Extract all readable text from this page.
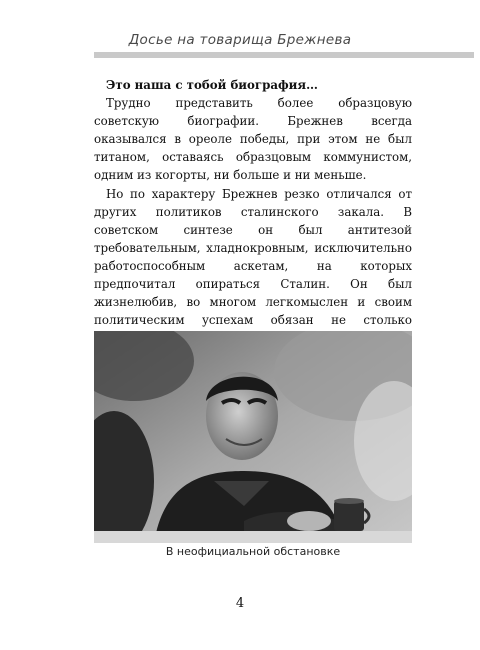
Досье на товарища Брежнева

Это наша с тобой биография…

Трудно представить более образцовую советскую биографии. Брежнев всегда оказывался в ореоле победы, при этом не был титаном, оставаясь образцовым коммунистом, одним из когорты, ни больше и ни меньше.

Но по характеру Брежнев резко отличался от других политиков сталинского закала. В советском синтезе он был антитезой требовательным, хладнокровным, исключительно работоспособным аскетам, на которых предпочитал опираться Сталин. Он был жизнелюбив, во многом легкомыслен и своим политическим успехам обязан не столько

В неофициальной обстановке
4
